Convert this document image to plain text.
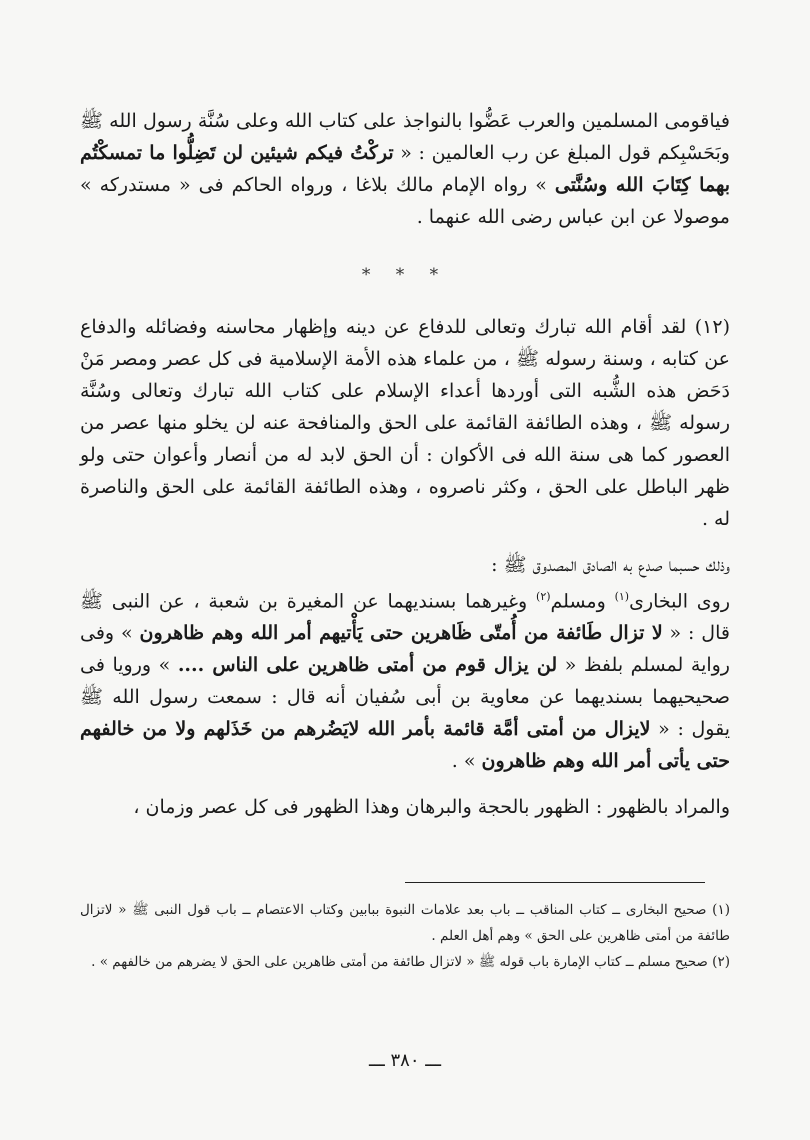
فياقومى المسلمين والعرب عَضُّوا بالنواجذ على كتاب الله وعلى سُنَّة رسول الله ﷺ وبَحَسْبِكم قول المبلغ عن رب العالمين : « تركْتُ فيكم شيئين لن تَضِلُّوا ما تمسكْتُم بهما كِتَابَ الله وسُنَّتى » رواه الإمام مالك بلاغا ، ورواه الحاكم فى « مستدركه » موصولا عن ابن عباس رضى الله عنهما .

* * *

(١٢) لقد أقام الله تبارك وتعالى للدفاع عن دينه وإظهار محاسنه وفضائله والدفاع عن كتابه ، وسنة رسوله ﷺ ، من علماء هذه الأمة الإسلامية فى كل عصر ومصر مَنْ دَحَض هذه الشُّبه التى أوردها أعداء الإسلام على كتاب الله تبارك وتعالى وسُنَّة رسوله ﷺ ، وهذه الطائفة القائمة على الحق والمنافحة عنه لن يخلو منها عصر من العصور كما هى سنة الله فى الأكوان : أن الحق لابد له من أنصار وأعوان حتى ولو ظهر الباطل على الحق ، وكثر ناصروه ، وهذه الطائفة القائمة على الحق والناصرة له .

وذلك حسبما صدع به الصادق المصدوق ﷺ :

روى البخارى$^{(١)}$ ومسلم$^{(٢)}$ وغيرهما بسنديهما عن المغيرة بن شعبة ، عن النبى ﷺ قال : « لا تزال طَائفة من أُمتّى ظَاهرين حتى يَأْتيهم أمر الله وهم ظاهرون » وفى رواية لمسلم بلفظ « لن يزال قوم من أمتى ظاهرين على الناس .... » ورويا فى صحيحيهما بسنديهما عن معاوية بن أبى سُفيان أنه قال : سمعت رسول الله ﷺ يقول : « لايزال من أمتى أمَّة قائمة بأمر الله لايَضُرهم من خَذَلهم ولا من خالفهم حتى يأتى أمر الله وهم ظاهرون » .

والمراد بالظهور : الظهور بالحجة والبرهان وهذا الظهور فى كل عصر وزمان ،

(١) صحيح البخارى ــ كتاب المناقب ــ باب بعد علامات النبوة ببابين وكتاب الاعتصام ــ باب قول النبى ﷺ « لاتزال طائفة من أمتى ظاهرين على الحق » وهم أهل العلم .
(٢) صحيح مسلم ــ كتاب الإمارة باب قوله ﷺ « لاتزال طائفة من أمتى ظاهرين على الحق لا يضرهم من خالفهم » .
ـــ ٣٨٠ ـــ
